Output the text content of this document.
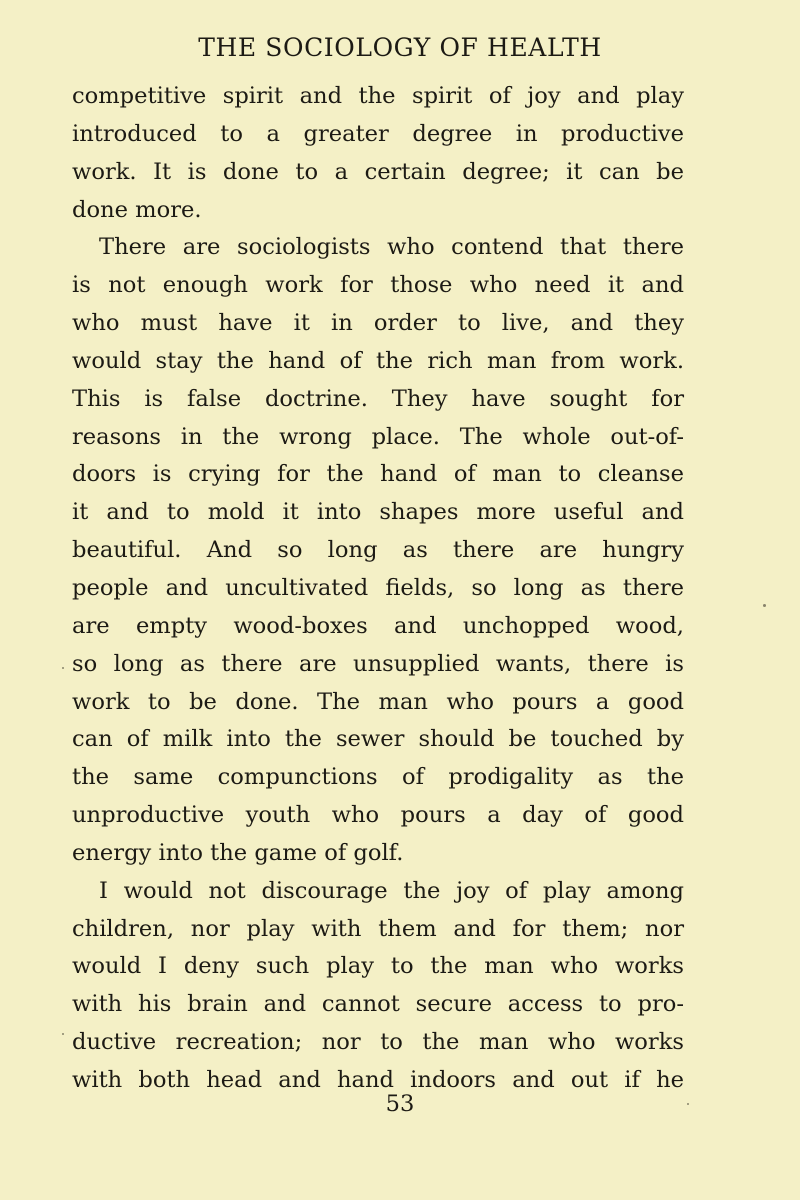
THE SOCIOLOGY OF HEALTH
competitive spirit and the spirit of joy and play
introduced to a greater degree in productive
work. It is done to a certain degree; it can be
done more.
There are sociologists who contend that there
is not enough work for those who need it and
who must have it in order to live, and they
would stay the hand of the rich man from work.
This is false doctrine. They have sought for
reasons in the wrong place. The whole out-of-
doors is crying for the hand of man to cleanse
it and to mold it into shapes more useful and
beautiful. And so long as there are hungry
people and uncultivated fields, so long as there
are empty wood-boxes and unchopped wood,
so long as there are unsupplied wants, there is
work to be done. The man who pours a good
can of milk into the sewer should be touched by
the same compunctions of prodigality as the
unproductive youth who pours a day of good
energy into the game of golf.
I would not discourage the joy of play among
children, nor play with them and for them; nor
would I deny such play to the man who works
with his brain and cannot secure access to pro-
ductive recreation; nor to the man who works
with both head and hand indoors and out if he
53
